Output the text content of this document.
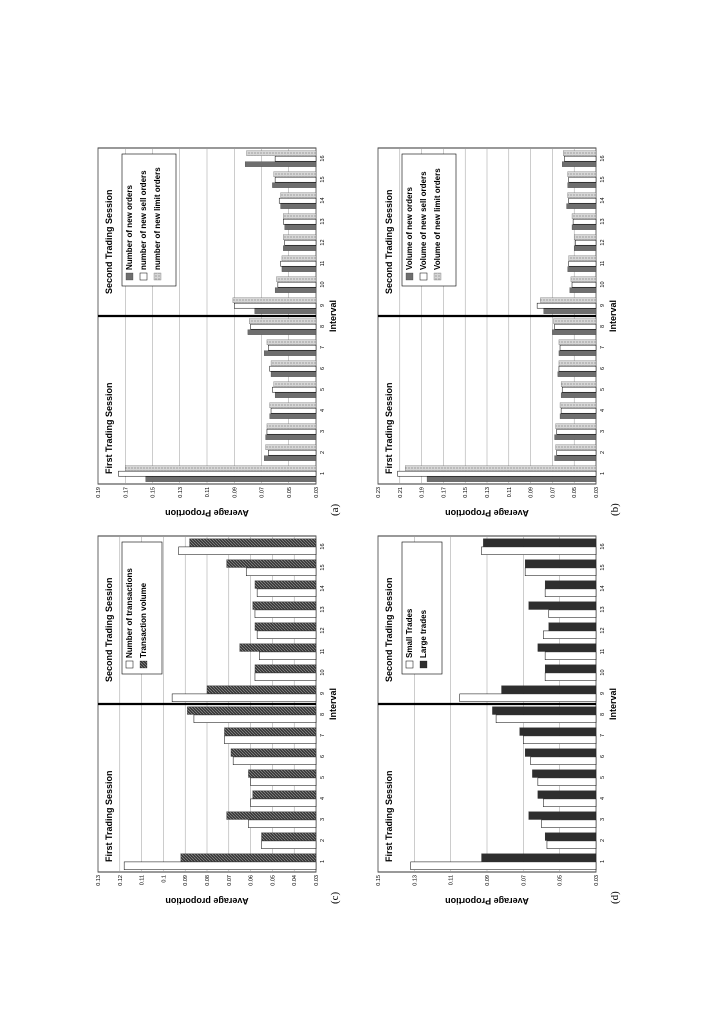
0.03
0.05
0.07
0.09
0.11
0.13
0.15
0.17
0.19
1
2
3
4
5
6
7
8
9
10
11
12
13
14
15
16
First Trading Session
Second Trading Session Number of new orders number of new sell orders number of new limit orders
Interval
Average Proportion	(a)
0.03
0.05
0.07
0.09
0.11
0.13
0.15
0.17
0.19
0.21
0.23
1
2
3
4
5
6
7
8
9
10
11
12
13
14
15
16
First Trading Session
Second Trading Session Volume of new orders Volume of new sell orders Volume of new limit orders
Interval
Average Proportion	(b)
0.03
0.04
0.05
0.06
0.07
0.08
0.09
0.1
0.11
0.12
0.13
1
2
3
4
5
6
7
8
9
10
11
12
13
14
15
16
First Trading Session
Second Trading Session Number of transactions Transaction volume
Interval
Average proportion	(c)
0.03
0.05
0.07
0.09
0.11
0.13
0.15
1
2
3
4
5
6
7
8
9
10
11
12
13
14
15
16
First Trading Session
Second Trading Session Small Trades Large trades
Interval
Average Proportion	(d)
